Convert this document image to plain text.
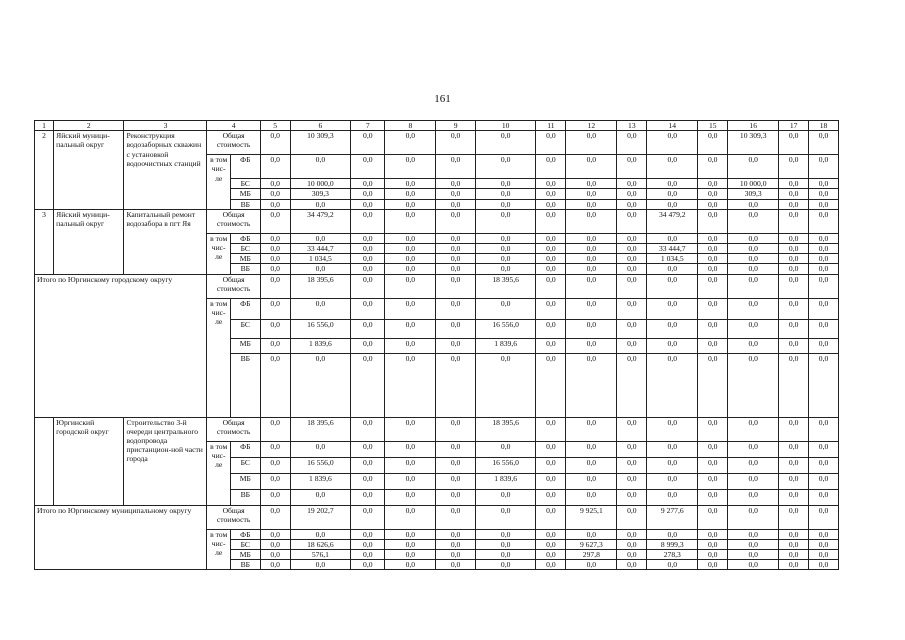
161
1	2	3	4		5	6	7	8	9	10	11	12	13	14	15	16	17	18
2	Яйский муници-пальный округ	Реконструкция водозаборных скважин с установкой водоочистных станций	Общая стоимость		0,0	10 309,3	0,0	0,0	0,0	0,0	0,0	0,0	0,0	0,0	0,0	10 309,3	0,0	0,0
			в том чис-ле	ФБ	0,0	0,0	0,0	0,0	0,0	0,0	0,0	0,0	0,0	0,0	0,0	0,0	0,0	0,0
				БС	0,0	10 000,0	0,0	0,0	0,0	0,0	0,0	0,0	0,0	0,0	0,0	10 000,0	0,0	0,0
				МБ	0,0	309,3	0,0	0,0	0,0	0,0	0,0	0,0	0,0	0,0	0,0	309,3	0,0	0,0
				ВБ	0,0	0,0	0,0	0,0	0,0	0,0	0,0	0,0	0,0	0,0	0,0	0,0	0,0	0,0
3	Яйский муници-пальный округ	Капитальный ремонт водозабора в пгт Яя	Общая стоимость		0,0	34 479,2	0,0	0,0	0,0	0,0	0,0	0,0	0,0	34 479,2	0,0	0,0	0,0	0,0
			в том чис-ле	ФБ	0,0	0,0	0,0	0,0	0,0	0,0	0,0	0,0	0,0	0,0	0,0	0,0	0,0	0,0
				БС	0,0	33 444,7	0,0	0,0	0,0	0,0	0,0	0,0	0,0	33 444,7	0,0	0,0	0,0	0,0
				МБ	0,0	1 034,5	0,0	0,0	0,0	0,0	0,0	0,0	0,0	1 034,5	0,0	0,0	0,0	0,0
				ВБ	0,0	0,0	0,0	0,0	0,0	0,0	0,0	0,0	0,0	0,0	0,0	0,0	0,0	0,0
Итого по Юргинскому городскому округу			Общая стоимость		0,0	18 395,6	0,0	0,0	0,0	18 395,6	0,0	0,0	0,0	0,0	0,0	0,0	0,0	0,0
			в том чис-ле	ФБ	0,0	0,0	0,0	0,0	0,0	0,0	0,0	0,0	0,0	0,0	0,0	0,0	0,0	0,0
				БС	0,0	16 556,0	0,0	0,0	0,0	16 556,0	0,0	0,0	0,0	0,0	0,0	0,0	0,0	0,0
				МБ	0,0	1 839,6	0,0	0,0	0,0	1 839,6	0,0	0,0	0,0	0,0	0,0	0,0	0,0	0,0
				ВБ	0,0	0,0	0,0	0,0	0,0	0,0	0,0	0,0	0,0	0,0	0,0	0,0	0,0	0,0
	Юргинский городской округ	Строительство 3-й очереди центрального водопровода пристанцион-ной части города	Общая стоимость		0,0	18 395,6	0,0	0,0	0,0	18 395,6	0,0	0,0	0,0	0,0	0,0	0,0	0,0	0,0
			в том чис-ле	ФБ	0,0	0,0	0,0	0,0	0,0	0,0	0,0	0,0	0,0	0,0	0,0	0,0	0,0	0,0
				БС	0,0	16 556,0	0,0	0,0	0,0	16 556,0	0,0	0,0	0,0	0,0	0,0	0,0	0,0	0,0
				МБ	0,0	1 839,6	0,0	0,0	0,0	1 839,6	0,0	0,0	0,0	0,0	0,0	0,0	0,0	0,0
				ВБ	0,0	0,0	0,0	0,0	0,0	0,0	0,0	0,0	0,0	0,0	0,0	0,0	0,0	0,0
Итого по Юргинскому муниципальному округу			Общая стоимость		0,0	19 202,7	0,0	0,0	0,0	0,0	0,0	9 925,1	0,0	9 277,6	0,0	0,0	0,0	0,0
			в том чис-ле	ФБ	0,0	0,0	0,0	0,0	0,0	0,0	0,0	0,0	0,0	0,0	0,0	0,0	0,0	0,0
				БС	0,0	18 626,6	0,0	0,0	0,0	0,0	0,0	9 627,3	0,0	8 999,3	0,0	0,0	0,0	0,0
				МБ	0,0	576,1	0,0	0,0	0,0	0,0	0,0	297,8	0,0	278,3	0,0	0,0	0,0	0,0
				ВБ	0,0	0,0	0,0	0,0	0,0	0,0	0,0	0,0	0,0	0,0	0,0	0,0	0,0	0,0
